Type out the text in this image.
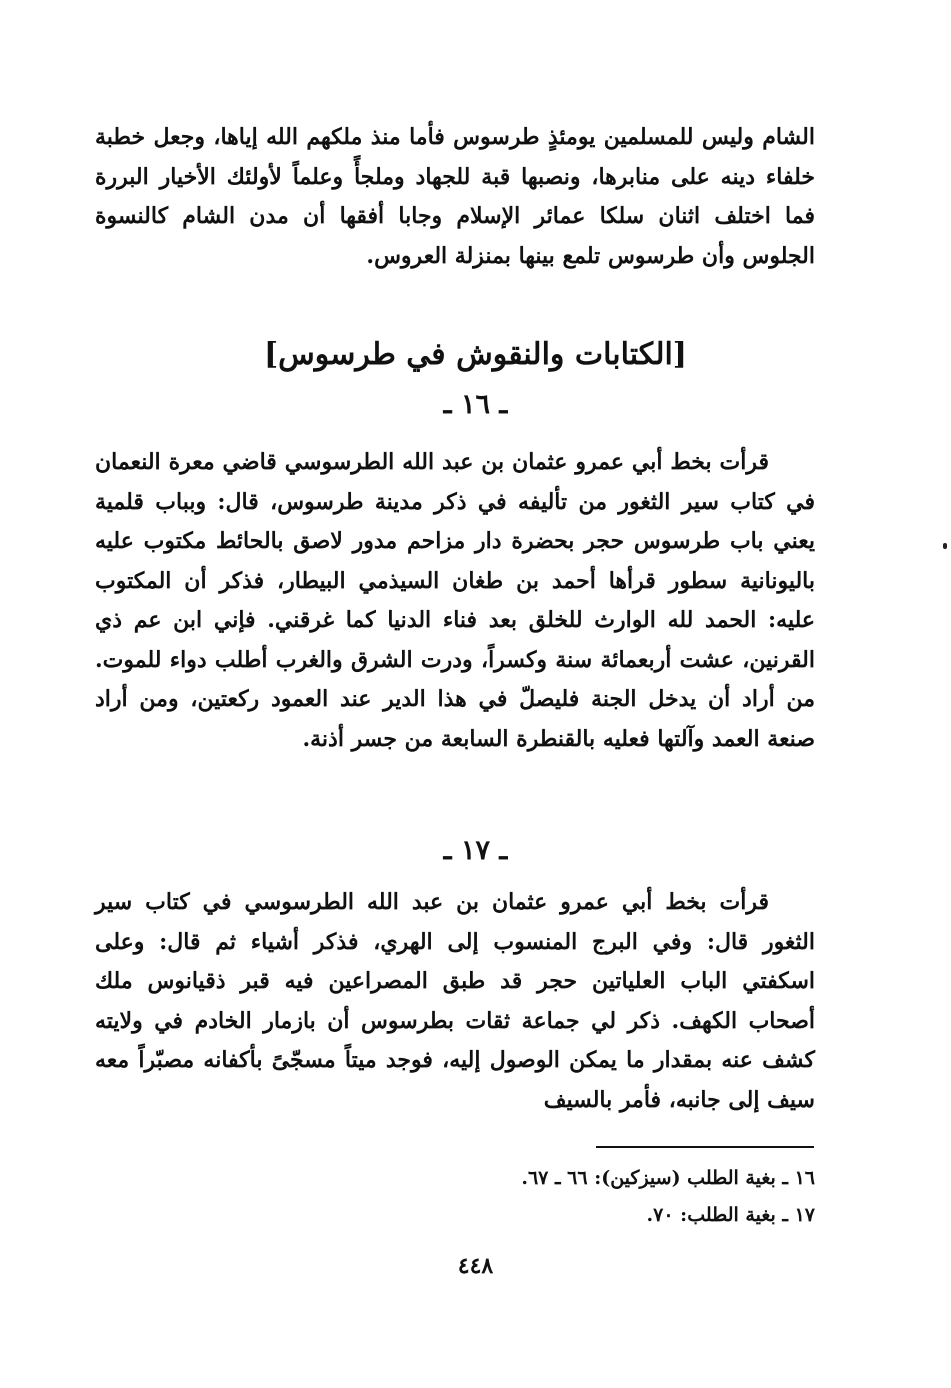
الشام وليس للمسلمين يومئذٍ طرسوس فأما منذ ملكهم الله إياها، وجعل خطبة خلفاء دينه على منابرها، ونصبها قبة للجهاد وملجأً وعلماً لأولئك الأخيار البررة فما اختلف اثنان سلكا عمائر الإسلام وجابا أفقها أن مدن الشام كالنسوة الجلوس وأن طرسوس تلمع بينها بمنزلة العروس.

[الكتابات والنقوش في طرسوس]
ـ ١٦ ـ

قرأت بخط أبي عمرو عثمان بن عبد الله الطرسوسي قاضي معرة النعمان في كتاب سير الثغور من تأليفه في ذكر مدينة طرسوس، قال: وبباب قلمية يعني باب طرسوس حجر بحضرة دار مزاحم مدور لاصق بالحائط مكتوب عليه باليونانية سطور قرأها أحمد بن طغان السيذمي البيطار، فذكر أن المكتوب عليه: الحمد لله الوارث للخلق بعد فناء الدنيا كما غرقني. فإني ابن عم ذي القرنين، عشت أربعمائة سنة وكسراً، ودرت الشرق والغرب أطلب دواء للموت. من أراد أن يدخل الجنة فليصلّ في هذا الدير عند العمود ركعتين، ومن أراد صنعة العمد وآلتها فعليه بالقنطرة السابعة من جسر أذنة.

ـ ١٧ ـ

قرأت بخط أبي عمرو عثمان بن عبد الله الطرسوسي في كتاب سير الثغور قال: وفي البرج المنسوب إلى الهري، فذكر أشياء ثم قال: وعلى اسكفتي الباب العلياتين حجر قد طبق المصراعين فيه قبر ذقيانوس ملك أصحاب الكهف. ذكر لي جماعة ثقات بطرسوس أن بازمار الخادم في ولايته كشف عنه بمقدار ما يمكن الوصول إليه، فوجد ميتاً مسجّىً بأكفانه مصبّراً معه سيف إلى جانبه، فأمر بالسيف

١٦ ـ بغية الطلب (سيزكين): ٦٦ ـ ٦٧.
١٧ ـ بغية الطلب: ٧٠.
٤٤٨
